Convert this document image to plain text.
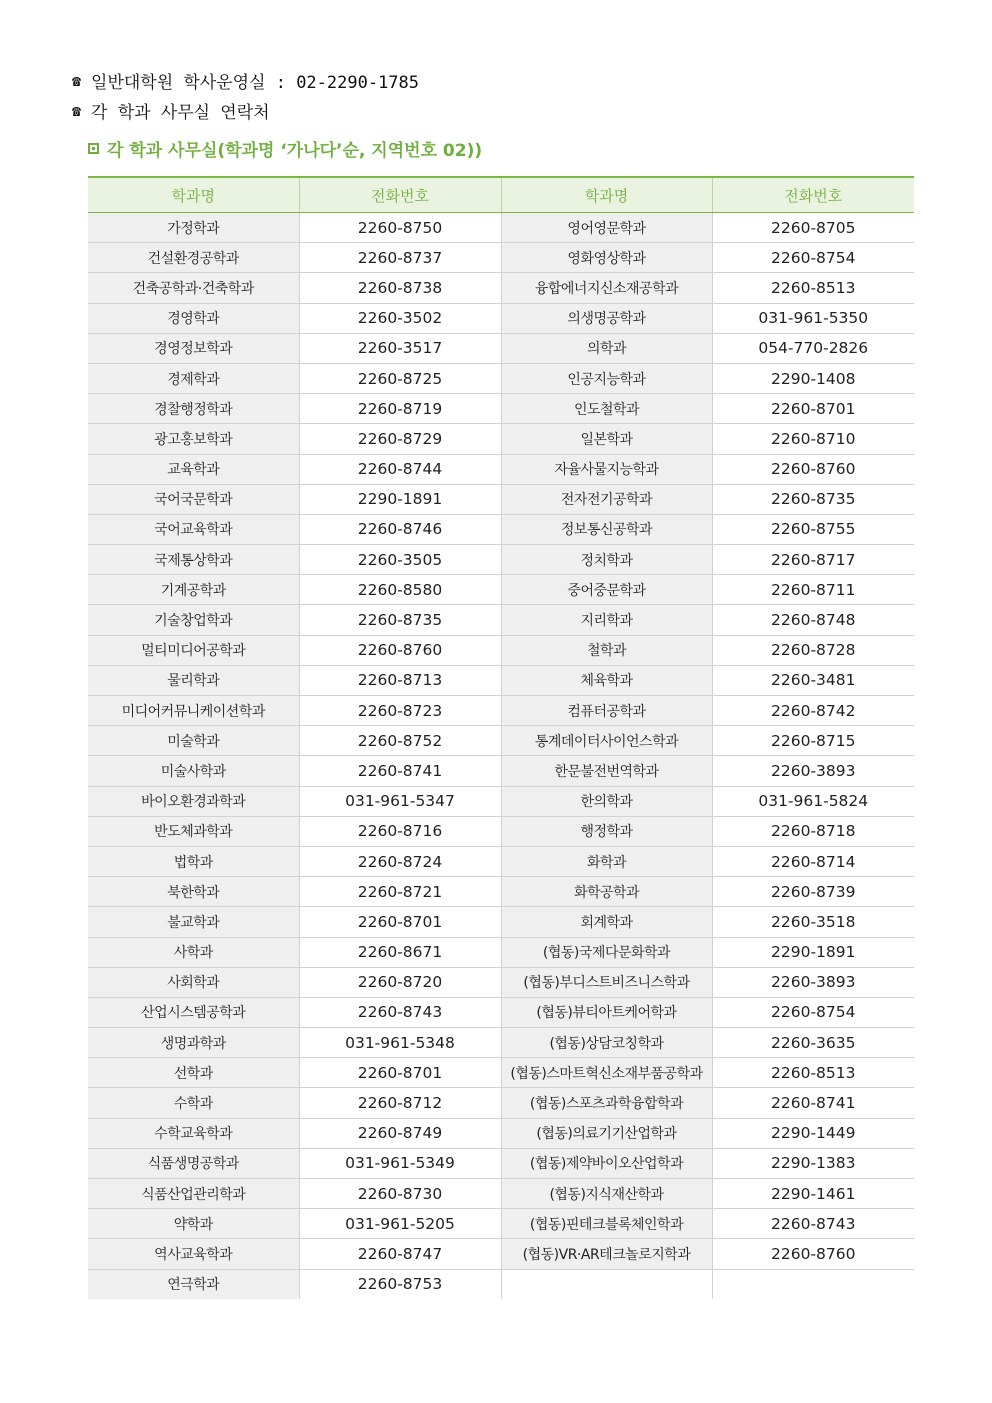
☎ 일반대학원 학사운영실 : 02-2290-1785
☎ 각 학과 사무실 연락처
각 학과 사무실(학과명 ‘가나다’순, 지역번호 02))
학과명	전화번호	학과명	전화번호
가정학과	2260-8750	영어영문학과	2260-8705
건설환경공학과	2260-8737	영화영상학과	2260-8754
건축공학과·건축학과	2260-8738	융합에너지신소재공학과	2260-8513
경영학과	2260-3502	의생명공학과	031-961-5350
경영정보학과	2260-3517	의학과	054-770-2826
경제학과	2260-8725	인공지능학과	2290-1408
경찰행정학과	2260-8719	인도철학과	2260-8701
광고홍보학과	2260-8729	일본학과	2260-8710
교육학과	2260-8744	자율사물지능학과	2260-8760
국어국문학과	2290-1891	전자전기공학과	2260-8735
국어교육학과	2260-8746	정보통신공학과	2260-8755
국제통상학과	2260-3505	정치학과	2260-8717
기계공학과	2260-8580	중어중문학과	2260-8711
기술창업학과	2260-8735	지리학과	2260-8748
멀티미디어공학과	2260-8760	철학과	2260-8728
물리학과	2260-8713	체육학과	2260-3481
미디어커뮤니케이션학과	2260-8723	컴퓨터공학과	2260-8742
미술학과	2260-8752	통계데이터사이언스학과	2260-8715
미술사학과	2260-8741	한문불전번역학과	2260-3893
바이오환경과학과	031-961-5347	한의학과	031-961-5824
반도체과학과	2260-8716	행정학과	2260-8718
법학과	2260-8724	화학과	2260-8714
북한학과	2260-8721	화학공학과	2260-8739
불교학과	2260-8701	회계학과	2260-3518
사학과	2260-8671	(협동)국제다문화학과	2290-1891
사회학과	2260-8720	(협동)부디스트비즈니스학과	2260-3893
산업시스템공학과	2260-8743	(협동)뷰티아트케어학과	2260-8754
생명과학과	031-961-5348	(협동)상담코칭학과	2260-3635
선학과	2260-8701	(협동)스마트혁신소재부품공학과	2260-8513
수학과	2260-8712	(협동)스포츠과학융합학과	2260-8741
수학교육학과	2260-8749	(협동)의료기기산업학과	2290-1449
식품생명공학과	031-961-5349	(협동)제약바이오산업학과	2290-1383
식품산업관리학과	2260-8730	(협동)지식재산학과	2290-1461
약학과	031-961-5205	(협동)핀테크블록체인학과	2260-8743
역사교육학과	2260-8747	(협동)VR·AR테크놀로지학과	2260-8760
연극학과	2260-8753		
